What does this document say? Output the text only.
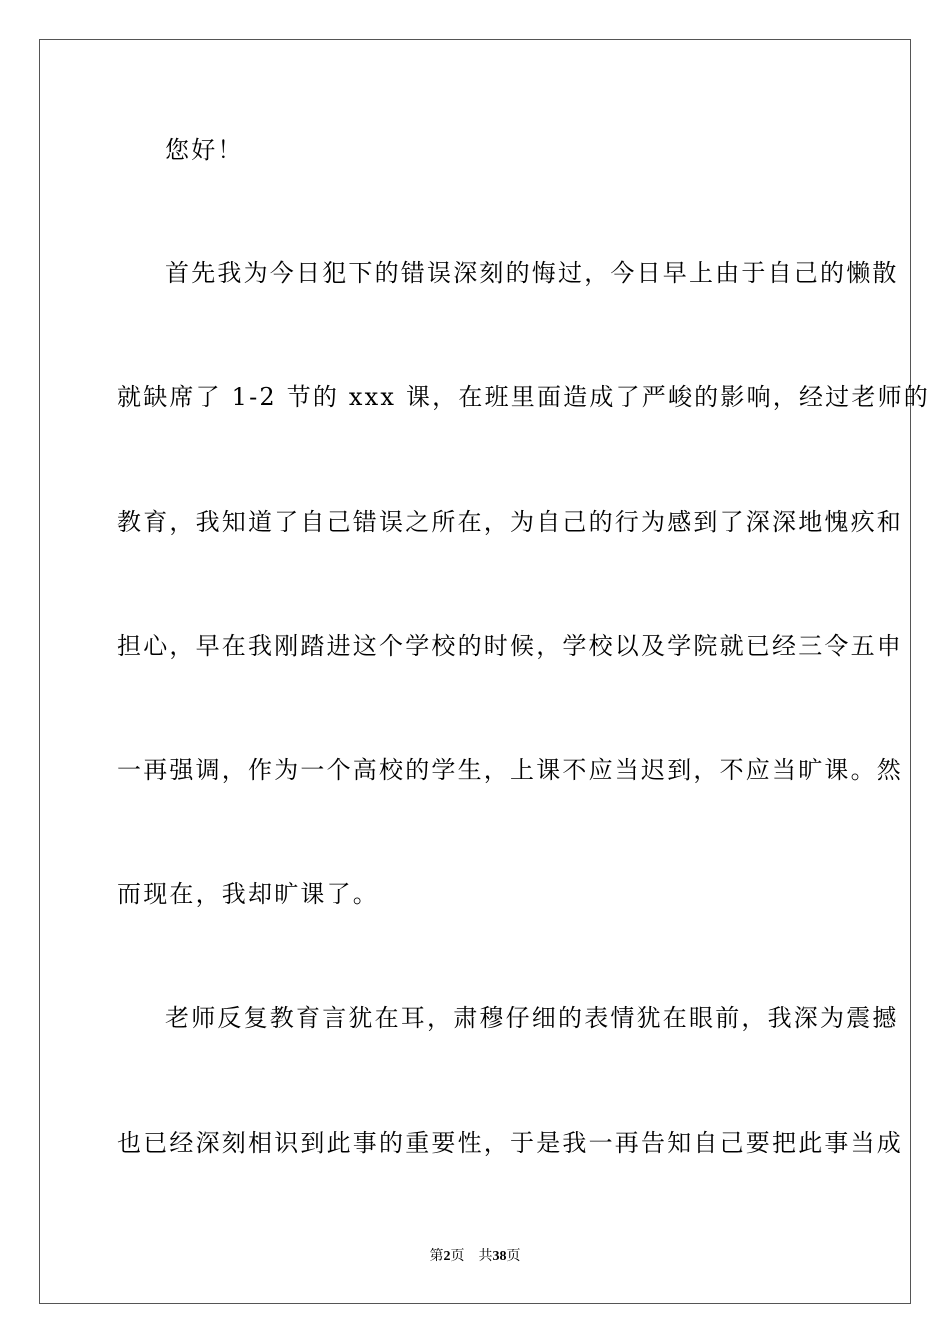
您好！

首先我为今日犯下的错误深刻的悔过，今日早上由于自己的懒散

就缺席了 1-2 节的 xxx 课，在班里面造成了严峻的影响，经过老师的

教育，我知道了自己错误之所在，为自己的行为感到了深深地愧疚和

担心，早在我刚踏进这个学校的时候，学校以及学院就已经三令五申

一再强调，作为一个高校的学生，上课不应当迟到，不应当旷课。然

而现在，我却旷课了。

老师反复教育言犹在耳，肃穆仔细的表情犹在眼前，我深为震撼

也已经深刻相识到此事的重要性，于是我一再告知自己要把此事当成

第2页 共38页
